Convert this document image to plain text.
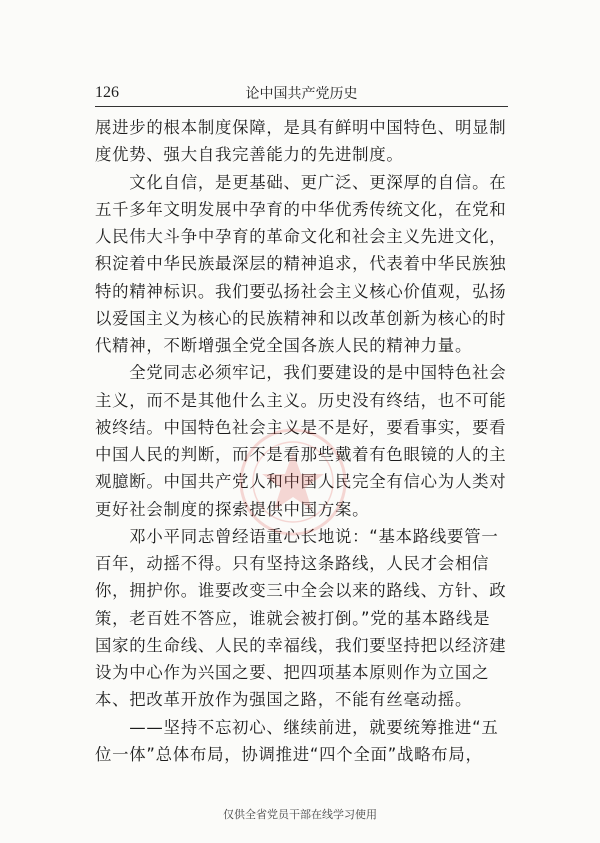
126	论中国共产党历史
展进步的根本制度保障，是具有鲜明中国特色、明显制
度优势、强大自我完善能力的先进制度。
　　文化自信，是更基础、更广泛、更深厚的自信。在
五千多年文明发展中孕育的中华优秀传统文化，在党和
人民伟大斗争中孕育的革命文化和社会主义先进文化，
积淀着中华民族最深层的精神追求，代表着中华民族独
特的精神标识。我们要弘扬社会主义核心价值观，弘扬
以爱国主义为核心的民族精神和以改革创新为核心的时
代精神，不断增强全党全国各族人民的精神力量。
　　全党同志必须牢记，我们要建设的是中国特色社会
主义，而不是其他什么主义。历史没有终结，也不可能
被终结。中国特色社会主义是不是好，要看事实，要看
中国人民的判断，而不是看那些戴着有色眼镜的人的主
观臆断。中国共产党人和中国人民完全有信心为人类对
更好社会制度的探索提供中国方案。
　　邓小平同志曾经语重心长地说：“基本路线要管一
百年，动摇不得。只有坚持这条路线，人民才会相信
你，拥护你。谁要改变三中全会以来的路线、方针、政
策，老百姓不答应，谁就会被打倒。”党的基本路线是
国家的生命线、人民的幸福线，我们要坚持把以经济建
设为中心作为兴国之要、把四项基本原则作为立国之
本、把改革开放作为强国之路，不能有丝毫动摇。
　　——坚持不忘初心、继续前进，就要统筹推进“五
位一体”总体布局，协调推进“四个全面”战略布局，
仅供全省党员干部在线学习使用
